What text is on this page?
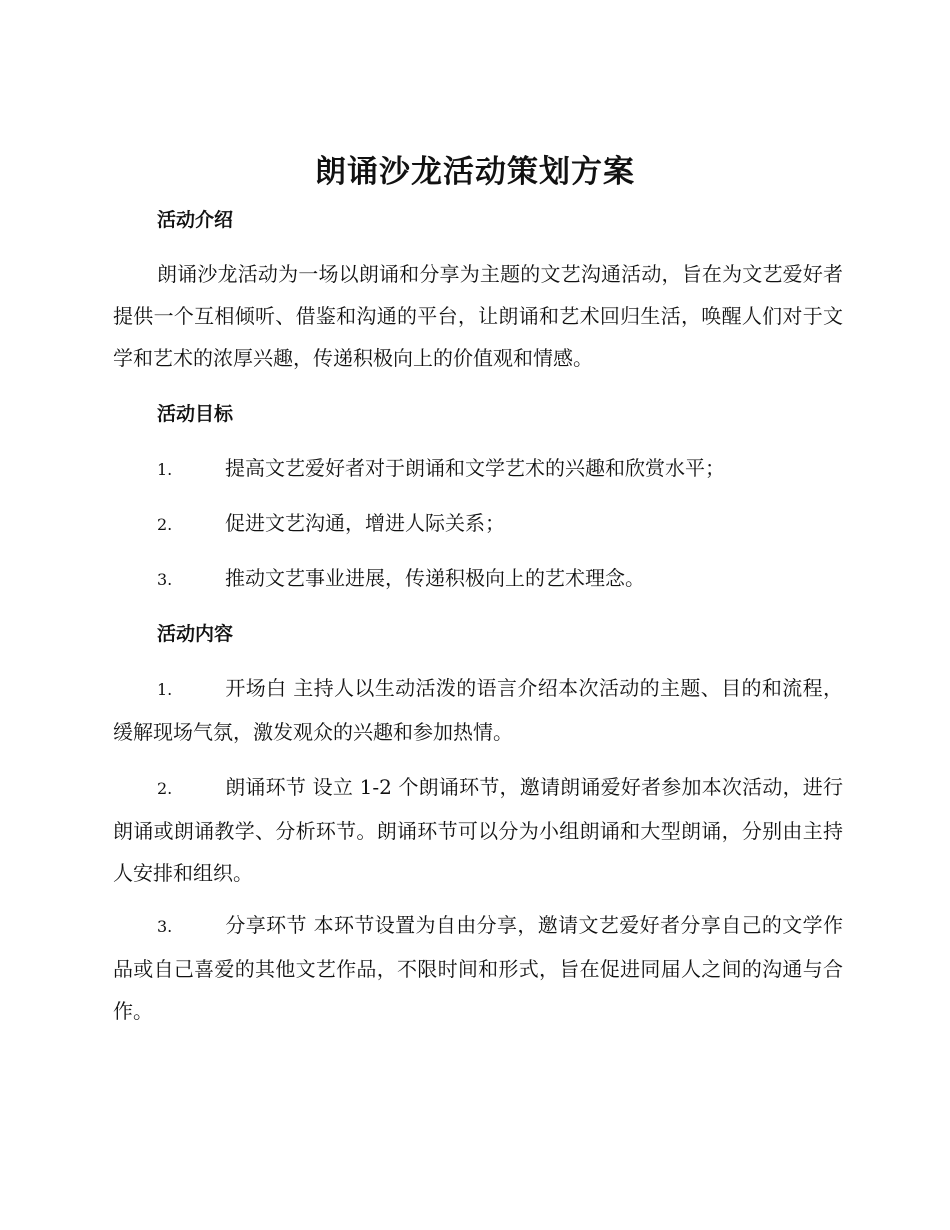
朗诵沙龙活动策划方案
活动介绍

朗诵沙龙活动为一场以朗诵和分享为主题的文艺沟通活动，旨在为文艺爱好者提供一个互相倾听、借鉴和沟通的平台，让朗诵和艺术回归生活，唤醒人们对于文学和艺术的浓厚兴趣，传递积极向上的价值观和情感。

活动目标

1.	提高文艺爱好者对于朗诵和文学艺术的兴趣和欣赏水平；

2.	促进文艺沟通，增进人际关系；

3.	推动文艺事业进展，传递积极向上的艺术理念。

活动内容

1.	开场白 主持人以生动活泼的语言介绍本次活动的主题、目的和流程，缓解现场气氛，激发观众的兴趣和参加热情。

2.	朗诵环节 设立 1-2 个朗诵环节，邀请朗诵爱好者参加本次活动，进行朗诵或朗诵教学、分析环节。朗诵环节可以分为小组朗诵和大型朗诵，分别由主持人安排和组织。

3.	分享环节 本环节设置为自由分享，邀请文艺爱好者分享自己的文学作品或自己喜爱的其他文艺作品，不限时间和形式，旨在促进同届人之间的沟通与合作。
